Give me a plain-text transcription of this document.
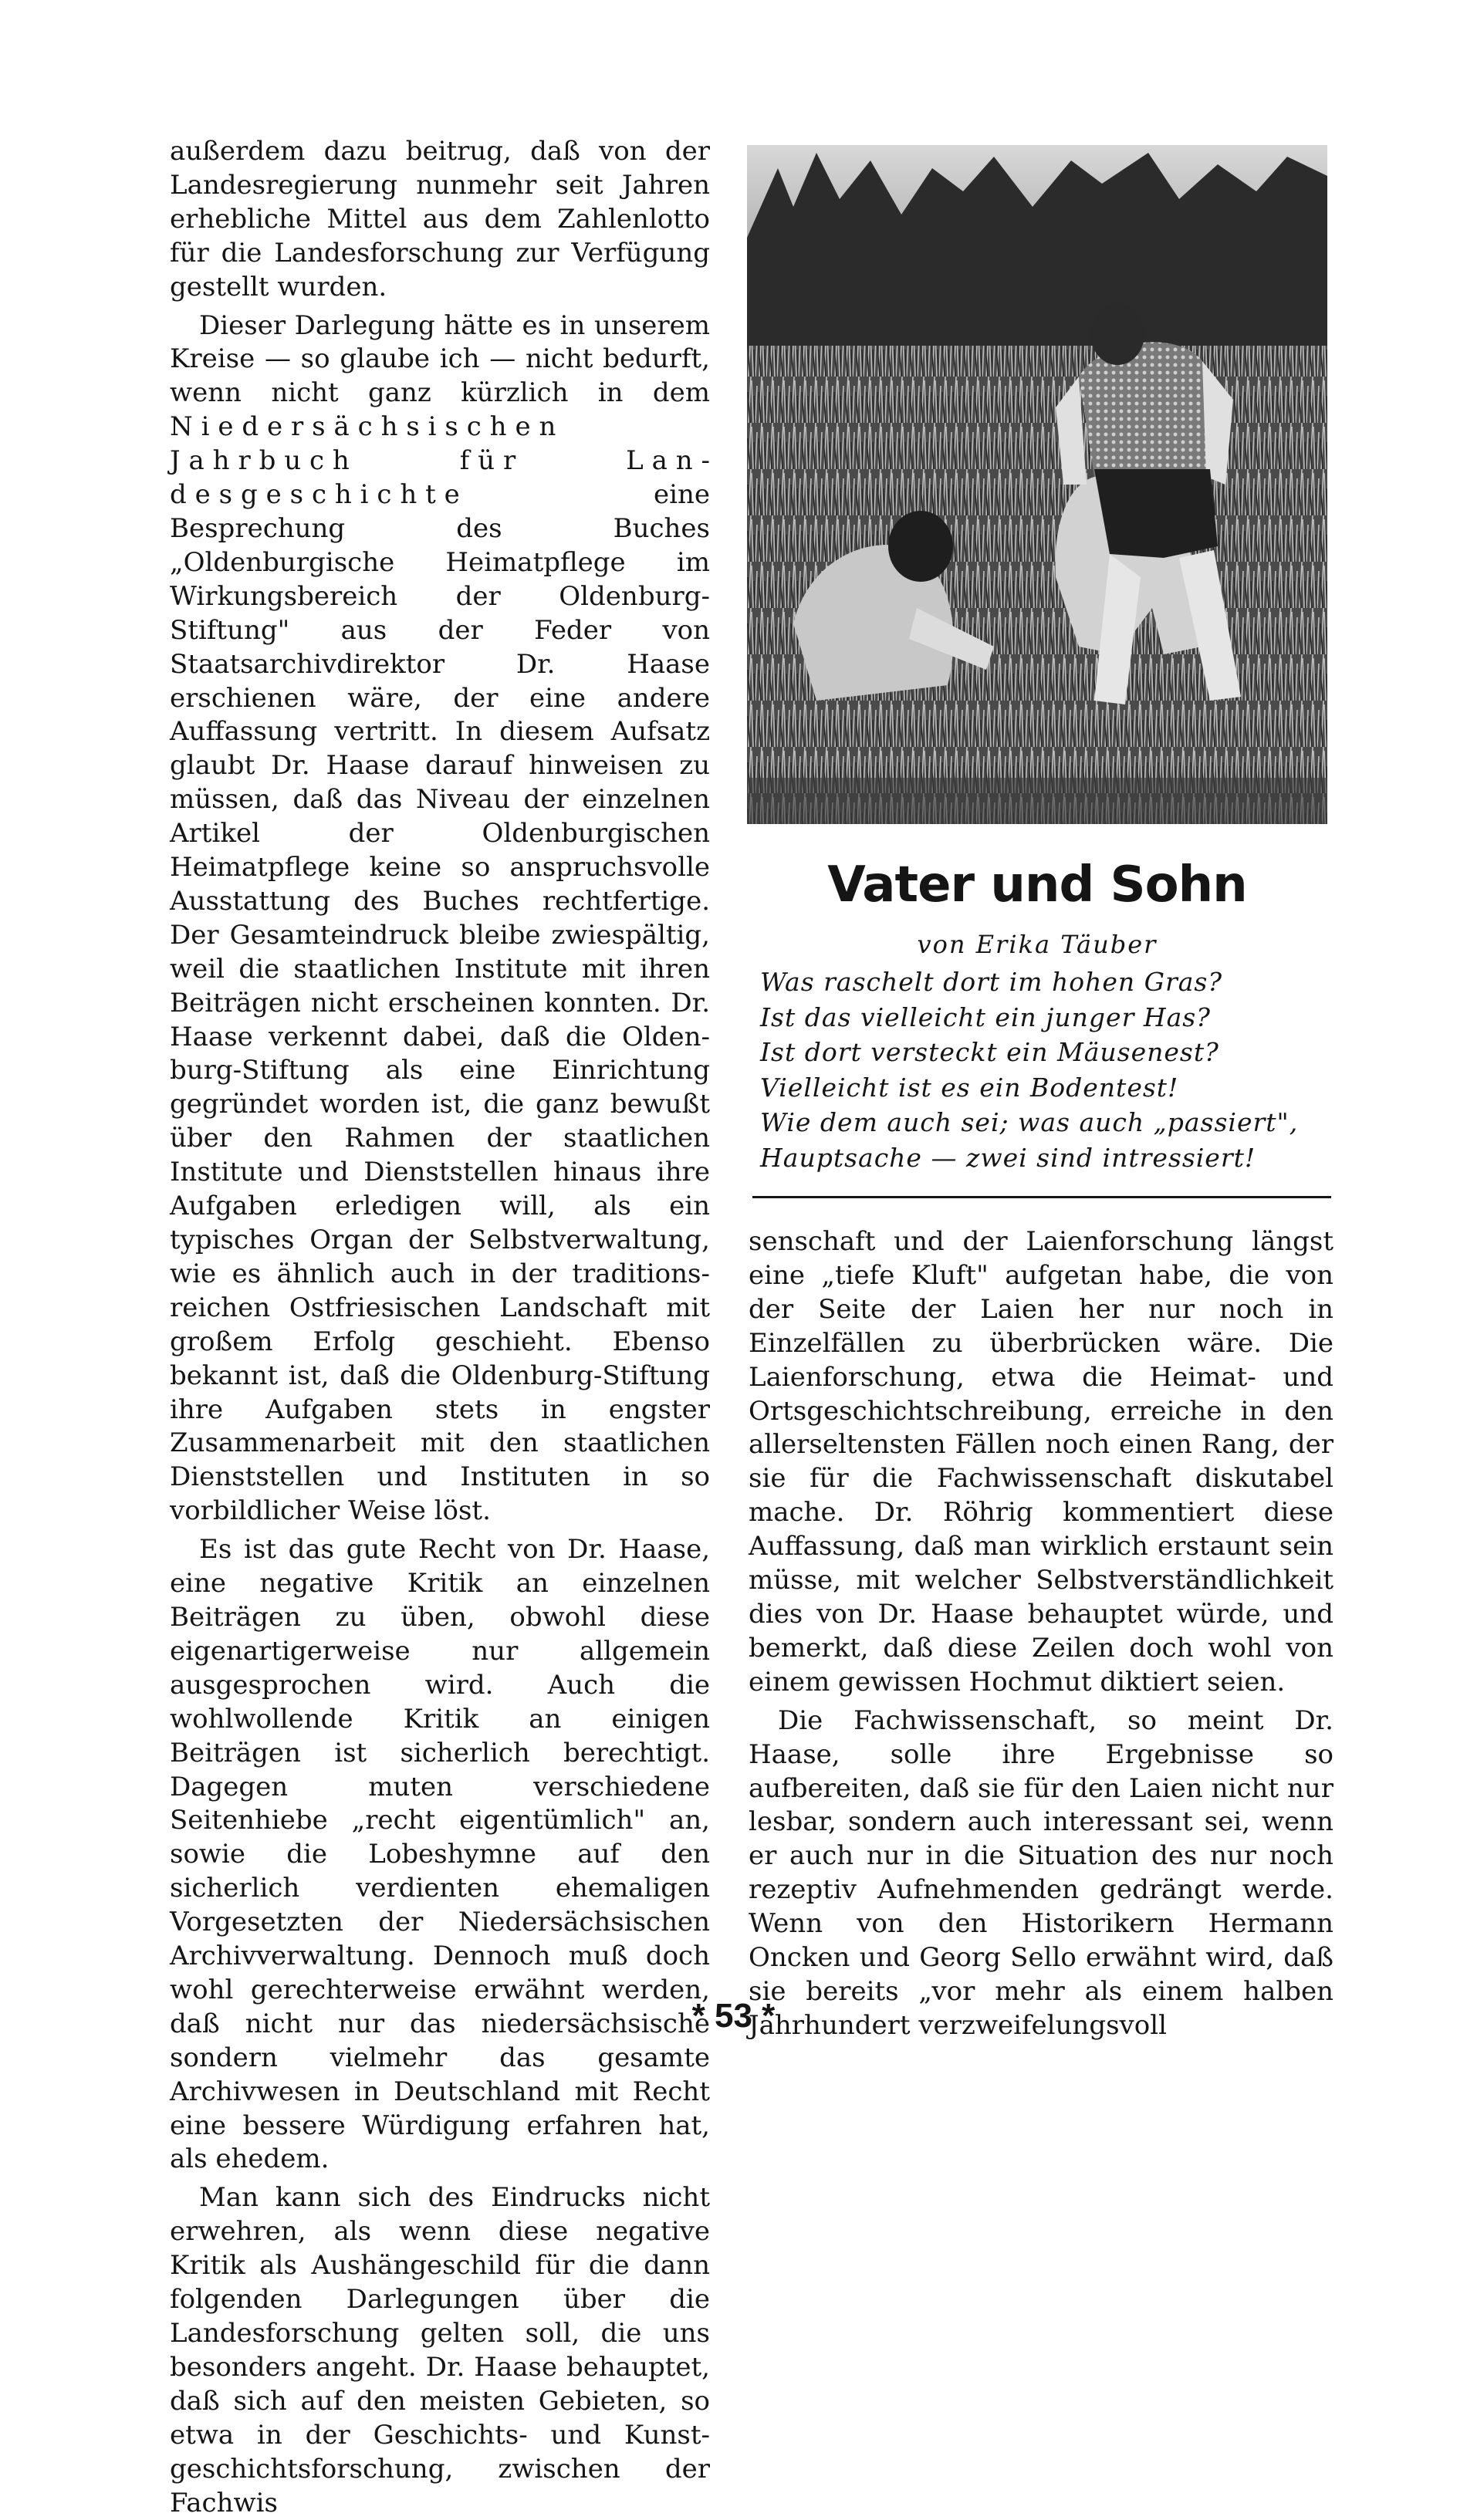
außerdem dazu beitrug, daß von der Landesregierung nunmehr seit Jahren erhebliche Mittel aus dem Zahlenlotto für die Landesforschung zur Verfügung gestellt wurden.

Dieser Darlegung hätte es in unserem Kreise — so glaube ich — nicht bedurft, wenn nicht ganz kürzlich in dem Niedersächsischen Jahrbuch für Landesgeschichte eine Besprechung des Buches „Oldenburgische Heimatpflege im Wirkungsbereich der Oldenburg-Stiftung" aus der Feder von Staatsarchivdirektor Dr. Haase erschienen wäre, der eine andere Auffassung vertritt. In diesem Aufsatz glaubt Dr. Haase darauf hinweisen zu müssen, daß das Niveau der einzelnen Artikel der Oldenburgischen Heimatpflege keine so anspruchsvolle Ausstattung des Buches rechtfertige. Der Gesamteindruck bleibe zwiespältig, weil die staatlichen Institute mit ihren Beiträgen nicht erscheinen konnten. Dr. Haase verkennt dabei, daß die Oldenburg-Stiftung als eine Einrichtung gegründet worden ist, die ganz bewußt über den Rahmen der staatlichen Institute und Dienststellen hinaus ihre Aufgaben erledigen will, als ein typisches Organ der Selbstverwaltung, wie es ähnlich auch in der traditionsreichen Ostfriesischen Landschaft mit großem Erfolg geschieht. Ebenso bekannt ist, daß die Oldenburg-Stiftung ihre Aufgaben stets in engster Zusammenarbeit mit den staatlichen Dienststellen und Instituten in so vorbildlicher Weise löst.

Es ist das gute Recht von Dr. Haase, eine negative Kritik an einzelnen Beiträgen zu üben, obwohl diese eigenartigerweise nur allgemein ausgesprochen wird. Auch die wohlwollende Kritik an einigen Beiträgen ist sicherlich berechtigt. Dagegen muten verschiedene Seitenhiebe „recht eigentümlich" an, sowie die Lobeshymne auf den sicherlich verdienten ehemaligen Vorgesetzten der Niedersächsischen Archivverwaltung. Dennoch muß doch wohl gerechterweise erwähnt werden, daß nicht nur das niedersächsische sondern vielmehr das gesamte Archivwesen in Deutschland mit Recht eine bessere Würdigung erfahren hat, als ehedem.

Man kann sich des Eindrucks nicht erwehren, als wenn diese negative Kritik als Aushängeschild für die dann folgenden Darlegungen über die Landesforschung gelten soll, die uns besonders angeht. Dr. Haase behauptet, daß sich auf den meisten Gebieten, so etwa in der Geschichts- und Kunstgeschichtsforschung, zwischen der Fachwis

Vater und Sohn

von Erika Täuber

Was raschelt dort im hohen Gras?
Ist das vielleicht ein junger Has?
Ist dort versteckt ein Mäusenest?
Vielleicht ist es ein Bodentest!
Wie dem auch sei; was auch „passiert",
Hauptsache — zwei sind intressiert!

senschaft und der Laienforschung längst eine „tiefe Kluft" aufgetan habe, die von der Seite der Laien her nur noch in Einzelfällen zu überbrücken wäre. Die Laienforschung, etwa die Heimat- und Ortsgeschichtschreibung, erreiche in den allerseltensten Fällen noch einen Rang, der sie für die Fachwissenschaft diskutabel mache. Dr. Röhrig kommentiert diese Auffassung, daß man wirklich erstaunt sein müsse, mit welcher Selbstverständlichkeit dies von Dr. Haase behauptet würde, und bemerkt, daß diese Zeilen doch wohl von einem gewissen Hochmut diktiert seien.

Die Fachwissenschaft, so meint Dr. Haase, solle ihre Ergebnisse so aufbereiten, daß sie für den Laien nicht nur lesbar, sondern auch interessant sei, wenn er auch nur in die Situation des nur noch rezeptiv Aufnehmenden gedrängt werde. Wenn von den Historikern Hermann Oncken und Georg Sello erwähnt wird, daß sie bereits „vor mehr als einem halben Jahrhundert verzweifelungsvoll

* 53 *
